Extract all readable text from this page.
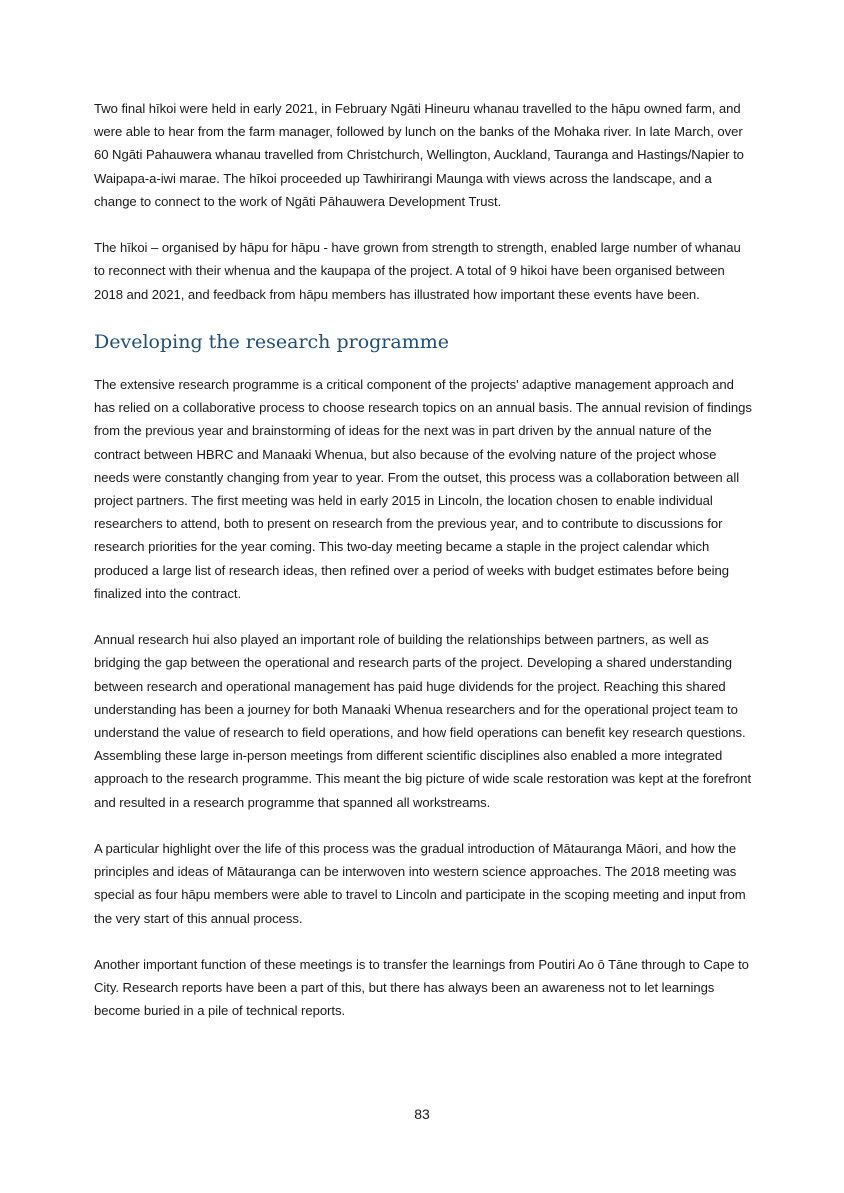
Two final hīkoi were held in early 2021, in February Ngāti Hineuru whanau travelled to the hāpu owned farm, and were able to hear from the farm manager, followed by lunch on the banks of the Mohaka river. In late March, over 60 Ngāti Pahauwera whanau travelled from Christchurch, Wellington, Auckland, Tauranga and Hastings/Napier to Waipapa-a-iwi marae. The hīkoi proceeded up Tawhirirangi Maunga with views across the landscape, and a change to connect to the work of Ngāti Pāhauwera Development Trust.

The hīkoi – organised by hāpu for hāpu - have grown from strength to strength, enabled large number of whanau to reconnect with their whenua and the kaupapa of the project. A total of 9 hikoi have been organised between 2018 and 2021, and feedback from hāpu members has illustrated how important these events have been.

Developing the research programme

The extensive research programme is a critical component of the projects' adaptive management approach and has relied on a collaborative process to choose research topics on an annual basis. The annual revision of findings from the previous year and brainstorming of ideas for the next was in part driven by the annual nature of the contract between HBRC and Manaaki Whenua, but also because of the evolving nature of the project whose needs were constantly changing from year to year. From the outset, this process was a collaboration between all project partners. The first meeting was held in early 2015 in Lincoln, the location chosen to enable individual researchers to attend, both to present on research from the previous year, and to contribute to discussions for research priorities for the year coming. This two-day meeting became a staple in the project calendar which produced a large list of research ideas, then refined over a period of weeks with budget estimates before being finalized into the contract.

Annual research hui also played an important role of building the relationships between partners, as well as bridging the gap between the operational and research parts of the project. Developing a shared understanding between research and operational management has paid huge dividends for the project. Reaching this shared understanding has been a journey for both Manaaki Whenua researchers and for the operational project team to understand the value of research to field operations, and how field operations can benefit key research questions. Assembling these large in-person meetings from different scientific disciplines also enabled a more integrated approach to the research programme. This meant the big picture of wide scale restoration was kept at the forefront and resulted in a research programme that spanned all workstreams.

A particular highlight over the life of this process was the gradual introduction of Mātauranga Māori, and how the principles and ideas of Mātauranga can be interwoven into western science approaches. The 2018 meeting was special as four hāpu members were able to travel to Lincoln and participate in the scoping meeting and input from the very start of this annual process.

Another important function of these meetings is to transfer the learnings from Poutiri Ao ō Tāne through to Cape to City. Research reports have been a part of this, but there has always been an awareness not to let learnings become buried in a pile of technical reports.

83
